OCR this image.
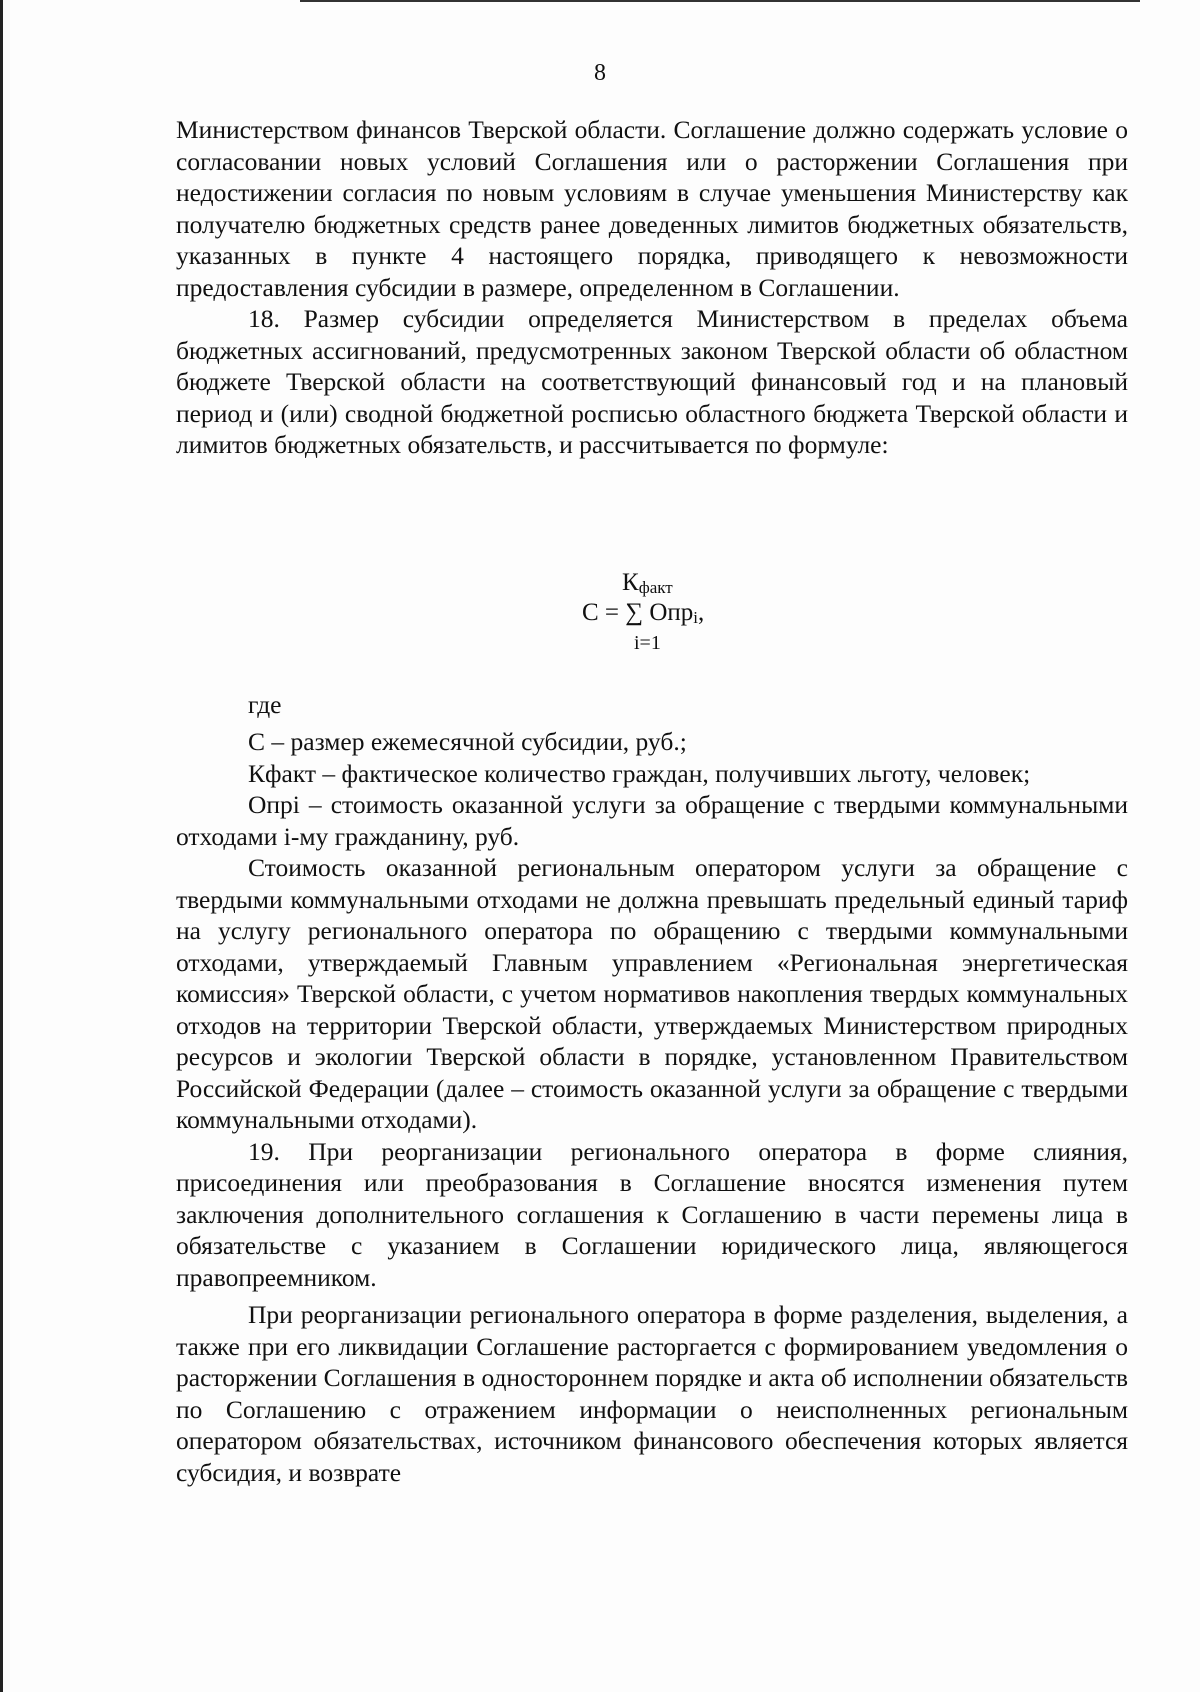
8

Министерством финансов Тверской области. Соглашение должно содержать условие о согласовании новых условий Соглашения или о расторжении Соглашения при недостижении согласия по новым условиям в случае уменьшения Министерству как получателю бюджетных средств ранее доведенных лимитов бюджетных обязательств, указанных в пункте 4 настоящего порядка, приводящего к невозможности предоставления субсидии в размере, определенном в Соглашении.

18. Размер субсидии определяется Министерством в пределах объема бюджетных ассигнований, предусмотренных законом Тверской области об областном бюджете Тверской области на соответствующий финансовый год и на плановый период и (или) сводной бюджетной росписью областного бюджета Тверской области и лимитов бюджетных обязательств, и рассчитывается по формуле:

$К_{факт}$
С = ∑ Опр$_i$,
i=1
где

С – размер ежемесячной субсидии, руб.;

Кфакт – фактическое количество граждан, получивших льготу, человек;

Опрi – стоимость оказанной услуги за обращение с твердыми коммунальными отходами i-му гражданину, руб.

Стоимость оказанной региональным оператором услуги за обращение с твердыми коммунальными отходами не должна превышать предельный единый тариф на услугу регионального оператора по обращению с твердыми коммунальными отходами, утверждаемый Главным управлением «Региональная энергетическая комиссия» Тверской области, с учетом нормативов накопления твердых коммунальных отходов на территории Тверской области, утверждаемых Министерством природных ресурсов и экологии Тверской области в порядке, установленном Правительством Российской Федерации (далее – стоимость оказанной услуги за обращение с твердыми коммунальными отходами).

19. При реорганизации регионального оператора в форме слияния, присоединения или преобразования в Соглашение вносятся изменения путем заключения дополнительного соглашения к Соглашению в части перемены лица в обязательстве с указанием в Соглашении юридического лица, являющегося правопреемником.

При реорганизации регионального оператора в форме разделения, выделения, а также при его ликвидации Соглашение расторгается с формированием уведомления о расторжении Соглашения в одностороннем порядке и акта об исполнении обязательств по Соглашению с отражением информации о неисполненных региональным оператором обязательствах, источником финансового обеспечения которых является субсидия, и возврате
